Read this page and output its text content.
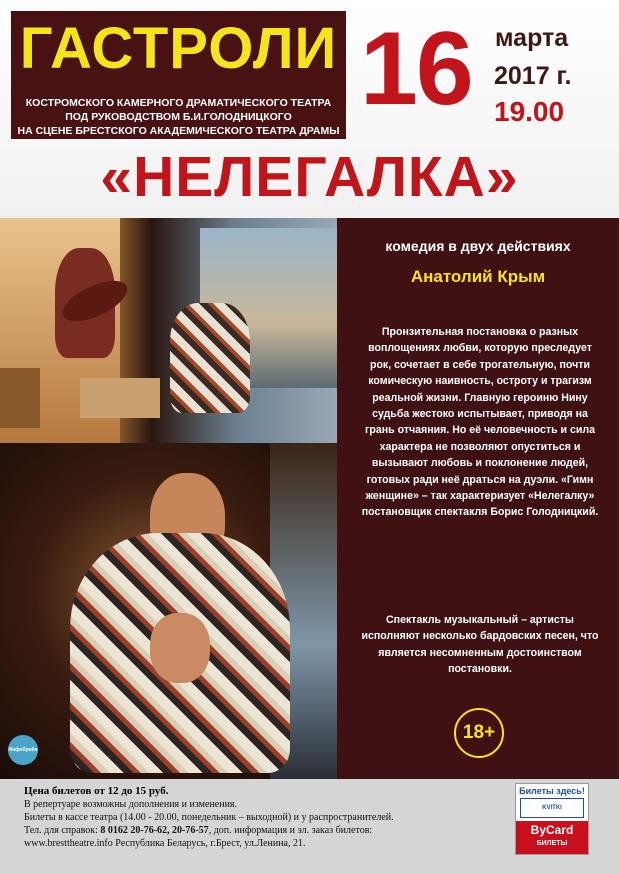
ГАСТРОЛИ
КОСТРОМСКОГО КАМЕРНОГО ДРАМАТИЧЕСКОГО ТЕАТРА
ПОД РУКОВОДСТВОМ Б.И.ГОЛОДНИЦКОГО
НА СЦЕНЕ БРЕСТСКОГО АКАДЕМИЧЕСКОГО ТЕАТРА ДРАМЫ
16 марта
2017 г.
19.00
«НЕЛЕГАЛКА»
комедия в двух действиях
Анатолий Крым
Пронзительная постановка о разных воплощениях любви, которую преследует рок, сочетает в себе трогательную, почти комическую наивность, остроту и трагизм реальной жизни. Главную героиню Нину судьба жестоко испытывает, приводя на грань отчаяния. Но её человечность и сила характера не позволяют опуститься и вызывают любовь и поклонение людей, готовых ради неё драться на дуэли. «Гимн женщине» – так характеризует «Нелегалку» постановщик спектакля Борис Голодницкий.
Спектакль музыкальный – артисты исполняют несколько бардовских песен, что является несомненным достоинством постановки.
18+
Инфобрейн
Цена билетов от 12 до 15 руб.
В репертуаре возможны дополнения и изменения.
Билеты в кассе театра (14.00 - 20.00, понедельник – выходной) и у распространителей.
Тел. для справок: 8 0162 20-76-62, 20-76-57, доп. информация и эл. заказ билетов:
www.bresttheatre.info Республика Беларусь, г.Брест, ул.Ленина, 21.
Билеты здесь!
KVITKI
ByCard
БИЛЕТЫ
